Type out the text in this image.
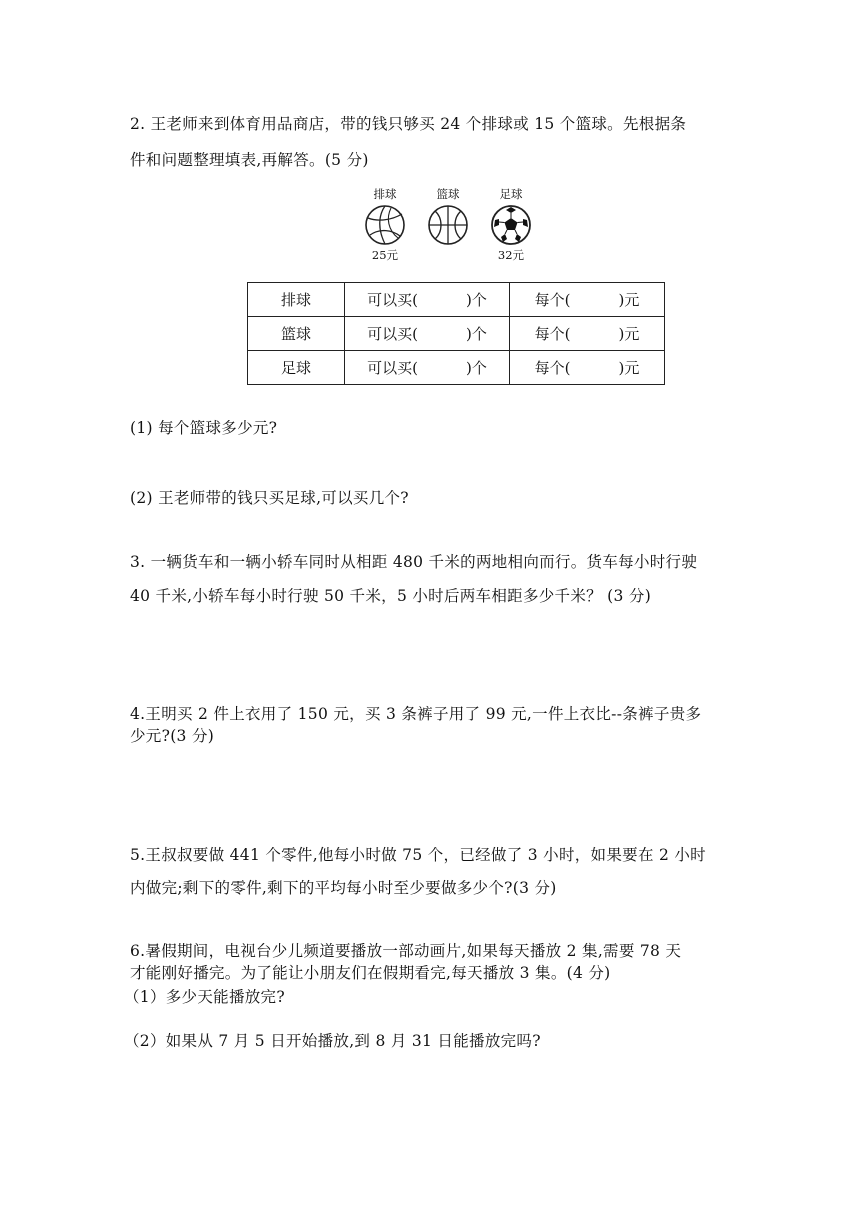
2. 王老师来到体育用品商店，带的钱只够买 24 个排球或 15 个篮球。先根据条
件和问题整理填表,再解答。(5 分)
排球	篮球	足球
25元	32元
排球	可以买( )个	每个( )元
篮球	可以买( )个	每个( )元
足球	可以买( )个	每个( )元
(1) 每个篮球多少元?
(2) 王老师带的钱只买足球,可以买几个?
3. 一辆货车和一辆小轿车同时从相距 480 千米的两地相向而行。货车每小时行驶
40 千米,小轿车每小时行驶 50 千米，5 小时后两车相距多少千米？ (3 分)
4.王明买 2 件上衣用了 150 元，买 3 条裤子用了 99 元,一件上衣比--条裤子贵多
少元?(3 分)
5.王叔叔要做 441 个零件,他每小时做 75 个，已经做了 3 小时，如果要在 2 小时
内做完;剩下的零件,剩下的平均每小时至少要做多少个?(3 分)
6.暑假期间，电视台少儿频道要播放一部动画片,如果每天播放 2 集,需要 78 天
才能刚好播完。为了能让小朋友们在假期看完,每天播放 3 集。(4 分)
（1）多少天能播放完?
（2）如果从 7 月 5 日开始播放,到 8 月 31 日能播放完吗?
